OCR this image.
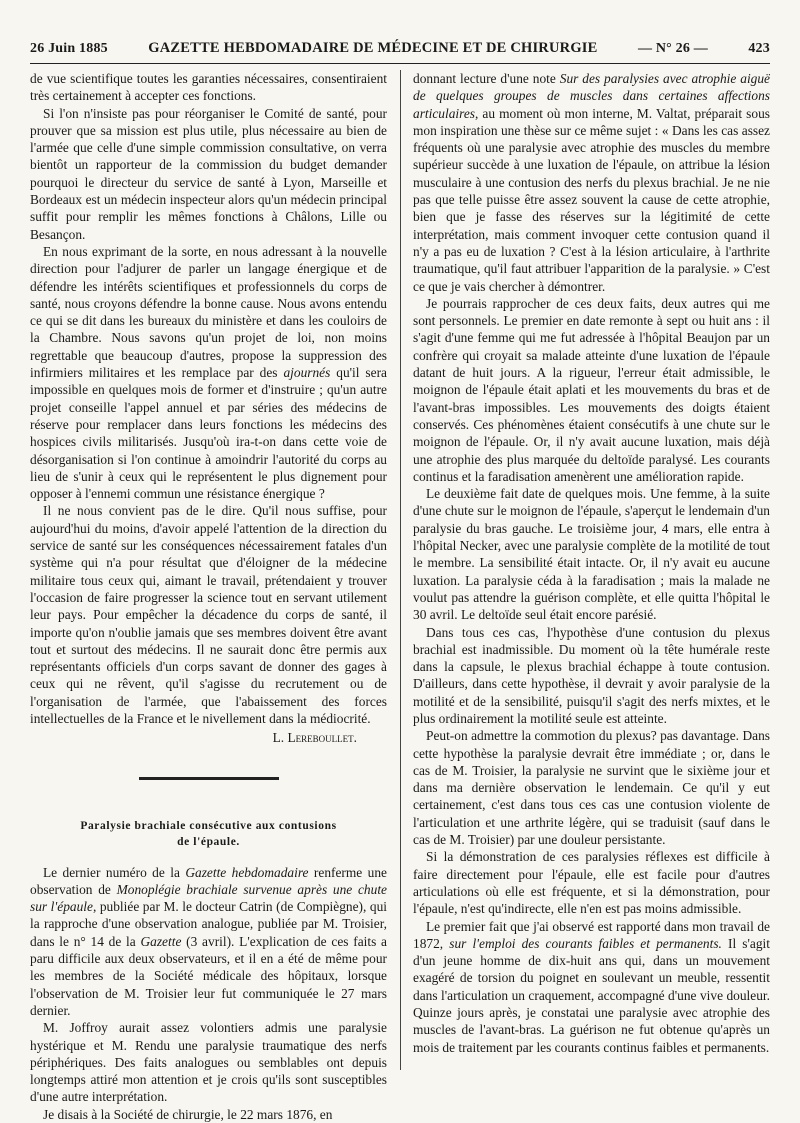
26 Juin 1885	GAZETTE HEBDOMADAIRE DE MÉDECINE ET DE CHIRURGIE	— N° 26 —	423

de vue scientifique toutes les garanties nécessaires, consentiraient très certainement à accepter ces fonctions.

Si l'on n'insiste pas pour réorganiser le Comité de santé, pour prouver que sa mission est plus utile, plus nécessaire au bien de l'armée que celle d'une simple commission consultative, on verra bientôt un rapporteur de la commission du budget demander pourquoi le directeur du service de santé à Lyon, Marseille et Bordeaux est un médecin inspecteur alors qu'un médecin principal suffit pour remplir les mêmes fonctions à Châlons, Lille ou Besançon.

En nous exprimant de la sorte, en nous adressant à la nouvelle direction pour l'adjurer de parler un langage énergique et de défendre les intérêts scientifiques et professionnels du corps de santé, nous croyons défendre la bonne cause. Nous avons entendu ce qui se dit dans les bureaux du ministère et dans les couloirs de la Chambre. Nous savons qu'un projet de loi, non moins regrettable que beaucoup d'autres, propose la suppression des infirmiers militaires et les remplace par des ajournés qu'il sera impossible en quelques mois de former et d'instruire ; qu'un autre projet conseille l'appel annuel et par séries des médecins de réserve pour remplacer dans leurs fonctions les médecins des hospices civils militarisés. Jusqu'où ira-t-on dans cette voie de désorganisation si l'on continue à amoindrir l'autorité du corps au lieu de s'unir à ceux qui le représentent le plus dignement pour opposer à l'ennemi commun une résistance énergique ?

Il ne nous convient pas de le dire. Qu'il nous suffise, pour aujourd'hui du moins, d'avoir appelé l'attention de la direction du service de santé sur les conséquences nécessairement fatales d'un système qui n'a pour résultat que d'éloigner de la médecine militaire tous ceux qui, aimant le travail, prétendaient y trouver l'occasion de faire progresser la science tout en servant utilement leur pays. Pour empêcher la décadence du corps de santé, il importe qu'on n'oublie jamais que ses membres doivent être avant tout et surtout des médecins. Il ne saurait donc être permis aux représentants officiels d'un corps savant de donner des gages à ceux qui ne rêvent, qu'il s'agisse du recrutement ou de l'organisation de l'armée, que l'abaissement des forces intellectuelles de la France et le nivellement dans la médiocrité.

L. Lereboullet.
Paralysie brachiale consécutive aux contusions
de l'épaule.

Le dernier numéro de la Gazette hebdomadaire renferme une observation de Monoplégie brachiale survenue après une chute sur l'épaule, publiée par M. le docteur Catrin (de Compiègne), qui la rapproche d'une observation analogue, publiée par M. Troisier, dans le n° 14 de la Gazette (3 avril). L'explication de ces faits a paru difficile aux deux observateurs, et il en a été de même pour les membres de la Société médicale des hôpitaux, lorsque l'observation de M. Troisier leur fut communiquée le 27 mars dernier.

M. Joffroy aurait assez volontiers admis une paralysie hystérique et M. Rendu une paralysie traumatique des nerfs périphériques. Des faits analogues ou semblables ont depuis longtemps attiré mon attention et je crois qu'ils sont susceptibles d'une autre interprétation.

Je disais à la Société de chirurgie, le 22 mars 1876, en

donnant lecture d'une note Sur des paralysies avec atrophie aiguë de quelques groupes de muscles dans certaines affections articulaires, au moment où mon interne, M. Valtat, préparait sous mon inspiration une thèse sur ce même sujet : « Dans les cas assez fréquents où une paralysie avec atrophie des muscles du membre supérieur succède à une luxation de l'épaule, on attribue la lésion musculaire à une contusion des nerfs du plexus brachial. Je ne nie pas que telle puisse être assez souvent la cause de cette atrophie, bien que je fasse des réserves sur la légitimité de cette interprétation, mais comment invoquer cette contusion quand il n'y a pas eu de luxation ? C'est à la lésion articulaire, à l'arthrite traumatique, qu'il faut attribuer l'apparition de la paralysie. » C'est ce que je vais chercher à démontrer.

Je pourrais rapprocher de ces deux faits, deux autres qui me sont personnels. Le premier en date remonte à sept ou huit ans : il s'agit d'une femme qui me fut adressée à l'hôpital Beaujon par un confrère qui croyait sa malade atteinte d'une luxation de l'épaule datant de huit jours. A la rigueur, l'erreur était admissible, le moignon de l'épaule était aplati et les mouvements du bras et de l'avant-bras impossibles. Les mouvements des doigts étaient conservés. Ces phénomènes étaient consécutifs à une chute sur le moignon de l'épaule. Or, il n'y avait aucune luxation, mais déjà une atrophie des plus marquée du deltoïde paralysé. Les courants continus et la faradisation amenèrent une amélioration rapide.

Le deuxième fait date de quelques mois. Une femme, à la suite d'une chute sur le moignon de l'épaule, s'aperçut le lendemain d'un paralysie du bras gauche. Le troisième jour, 4 mars, elle entra à l'hôpital Necker, avec une paralysie complète de la motilité de tout le membre. La sensibilité était intacte. Or, il n'y avait eu aucune luxation. La paralysie céda à la faradisation ; mais la malade ne voulut pas attendre la guérison complète, et elle quitta l'hôpital le 30 avril. Le deltoïde seul était encore parésié.

Dans tous ces cas, l'hypothèse d'une contusion du plexus brachial est inadmissible. Du moment où la tête humérale reste dans la capsule, le plexus brachial échappe à toute contusion. D'ailleurs, dans cette hypothèse, il devrait y avoir paralysie de la motilité et de la sensibilité, puisqu'il s'agit des nerfs mixtes, et le plus ordinairement la motilité seule est atteinte.

Peut-on admettre la commotion du plexus? pas davantage. Dans cette hypothèse la paralysie devrait être immédiate ; or, dans le cas de M. Troisier, la paralysie ne survint que le sixième jour et dans ma dernière observation le lendemain. Ce qu'il y eut certainement, c'est dans tous ces cas une contusion violente de l'articulation et une arthrite légère, qui se traduisit (sauf dans le cas de M. Troisier) par une douleur persistante.

Si la démonstration de ces paralysies réflexes est difficile à faire directement pour l'épaule, elle est facile pour d'autres articulations où elle est fréquente, et si la démonstration, pour l'épaule, n'est qu'indirecte, elle n'en est pas moins admissible.

Le premier fait que j'ai observé est rapporté dans mon travail de 1872, sur l'emploi des courants faibles et permanents. Il s'agit d'un jeune homme de dix-huit ans qui, dans un mouvement exagéré de torsion du poignet en soulevant un meuble, ressentit dans l'articulation un craquement, accompagné d'une vive douleur. Quinze jours après, je constatai une paralysie avec atrophie des muscles de l'avant-bras. La guérison ne fut obtenue qu'après un mois de traitement par les courants continus faibles et permanents.
